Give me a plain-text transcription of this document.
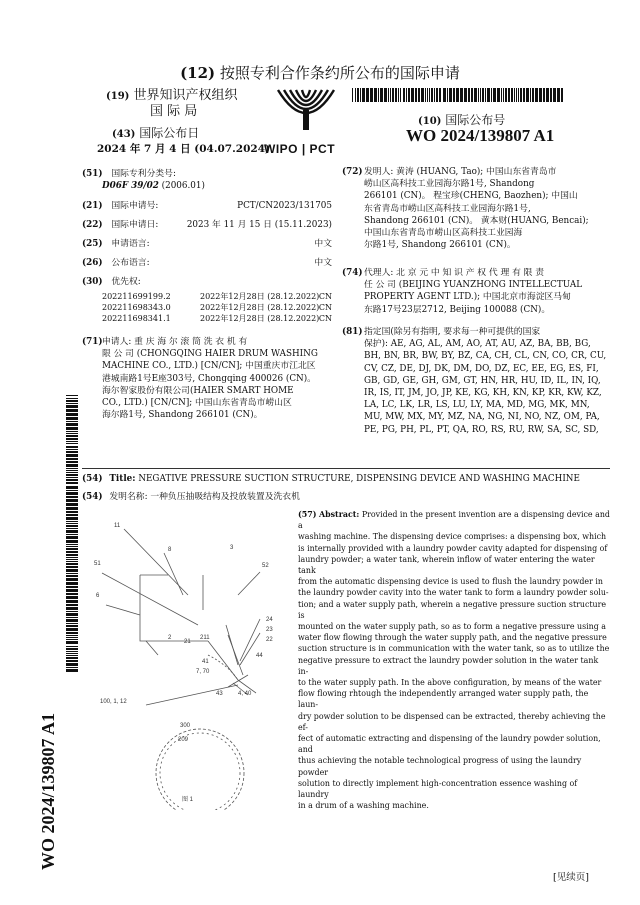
(12) 按照专利合作条约所公布的国际申请
(19) 世界知识产权组织
国 际 局
(43) 国际公布日
2024 年 7 月 4 日 (04.07.2024)
WIPO | PCT
(10) 国际公布号
WO 2024/139807 A1
(51) 国际专利分类号:
D06F 39/02 (2006.01)
(21) 国际申请号:	PCT/CN2023/131705
(22) 国际申请日:	2023 年 11 月 15 日 (15.11.2023)
(25) 申请语言:	中文
(26) 公布语言:	中文
(30) 优先权:
202211699199.2	2022年12月28日 (28.12.2022) CN
202211698343.0	2022年12月28日 (28.12.2022) CN
202211698341.1	2022年12月28日 (28.12.2022) CN
(71) 申请人: 重 庆 海 尔 滚 筒 洗 衣 机 有
限 公 司 (CHONGQING HAIER DRUM WASHING
MACHINE CO., LTD.) [CN/CN]; 中国重庆市江北区
港城南路1号E座303号, Chongqing 400026 (CN)。
海尔智家股份有限公司(HAIER SMART HOME
CO., LTD.) [CN/CN]; 中国山东省青岛市崂山区
海尔路1号, Shandong 266101 (CN)。
(72) 发明人: 黄涛 (HUANG, Tao); 中国山东省青岛市
崂山区高科技工业园海尔路1号, Shandong
266101 (CN)。 程宝珍(CHENG, Baozhen); 中国山
东省青岛市崂山区高科技工业园海尔路1号,
Shandong 266101 (CN)。 黄本财(HUANG, Bencai);
中国山东省青岛市崂山区高科技工业园海
尔路1号, Shandong 266101 (CN)。
(74) 代理人: 北 京 元 中 知 识 产 权 代 理 有 限 责
任 公 司 (BEIJING YUANZHONG INTELLECTUAL
PROPERTY AGENT LTD.); 中国北京市海淀区马甸
东路17号23层2712, Beijing 100088 (CN)。
(81) 指定国(除另有指明, 要求每一种可提供的国家
保护): AE, AG, AL, AM, AO, AT, AU, AZ, BA, BB, BG,
BH, BN, BR, BW, BY, BZ, CA, CH, CL, CN, CO, CR, CU,
CV, CZ, DE, DJ, DK, DM, DO, DZ, EC, EE, EG, ES, FI,
GB, GD, GE, GH, GM, GT, HN, HR, HU, ID, IL, IN, IQ,
IR, IS, IT, JM, JO, JP, KE, KG, KH, KN, KP, KR, KW, KZ,
LA, LC, LK, LR, LS, LU, LY, MA, MD, MG, MK, MN,
MU, MW, MX, MY, MZ, NA, NG, NI, NO, NZ, OM, PA,
PE, PG, PH, PL, PT, QA, RO, RS, RU, RW, SA, SC, SD,
(54) Title: NEGATIVE PRESSURE SUCTION STRUCTURE, DISPENSING DEVICE AND WASHING MACHINE
(54) 发明名称: 一种负压抽吸结构及投放装置及洗衣机
(57) Abstract: Provided in the present invention are a dispensing device and a
washing machine. The dispensing device comprises: a dispensing box, which
is internally provided with a laundry powder cavity adapted for dispensing of
laundry powder; a water tank, wherein inflow of water entering the water tank
from the automatic dispensing device is used to flush the laundry powder in
the laundry powder cavity into the water tank to form a laundry powder solu-
tion; and a water supply path, wherein a negative pressure suction structure is
mounted on the water supply path, so as to form a negative pressure using a
water flow flowing through the water supply path, and the negative pressure
suction structure is in communication with the water tank, so as to utilize the
negative pressure to extract the laundry powder solution in the water tank in-
to the water supply path. In the above configuration, by means of the water
flow flowing rhtough the independently arranged water supply path, the laun-
dry powder solution to be dispensed can be extracted, thereby achieving the ef-
fect of automatic extracting and dispensing of the laundry powder solution, and
thus achieving the notable technological progress of using the laundry powder
solution to directly implement high-concentration essence washing of laundry
in a drum of a washing machine.
11
8	3
51	52
6
24
23
2
21
211	22
44
41
7, 70
43	4, 40
100, 1, 12
300
209
图 1
WO 2024/139807 A1
[见续页]
